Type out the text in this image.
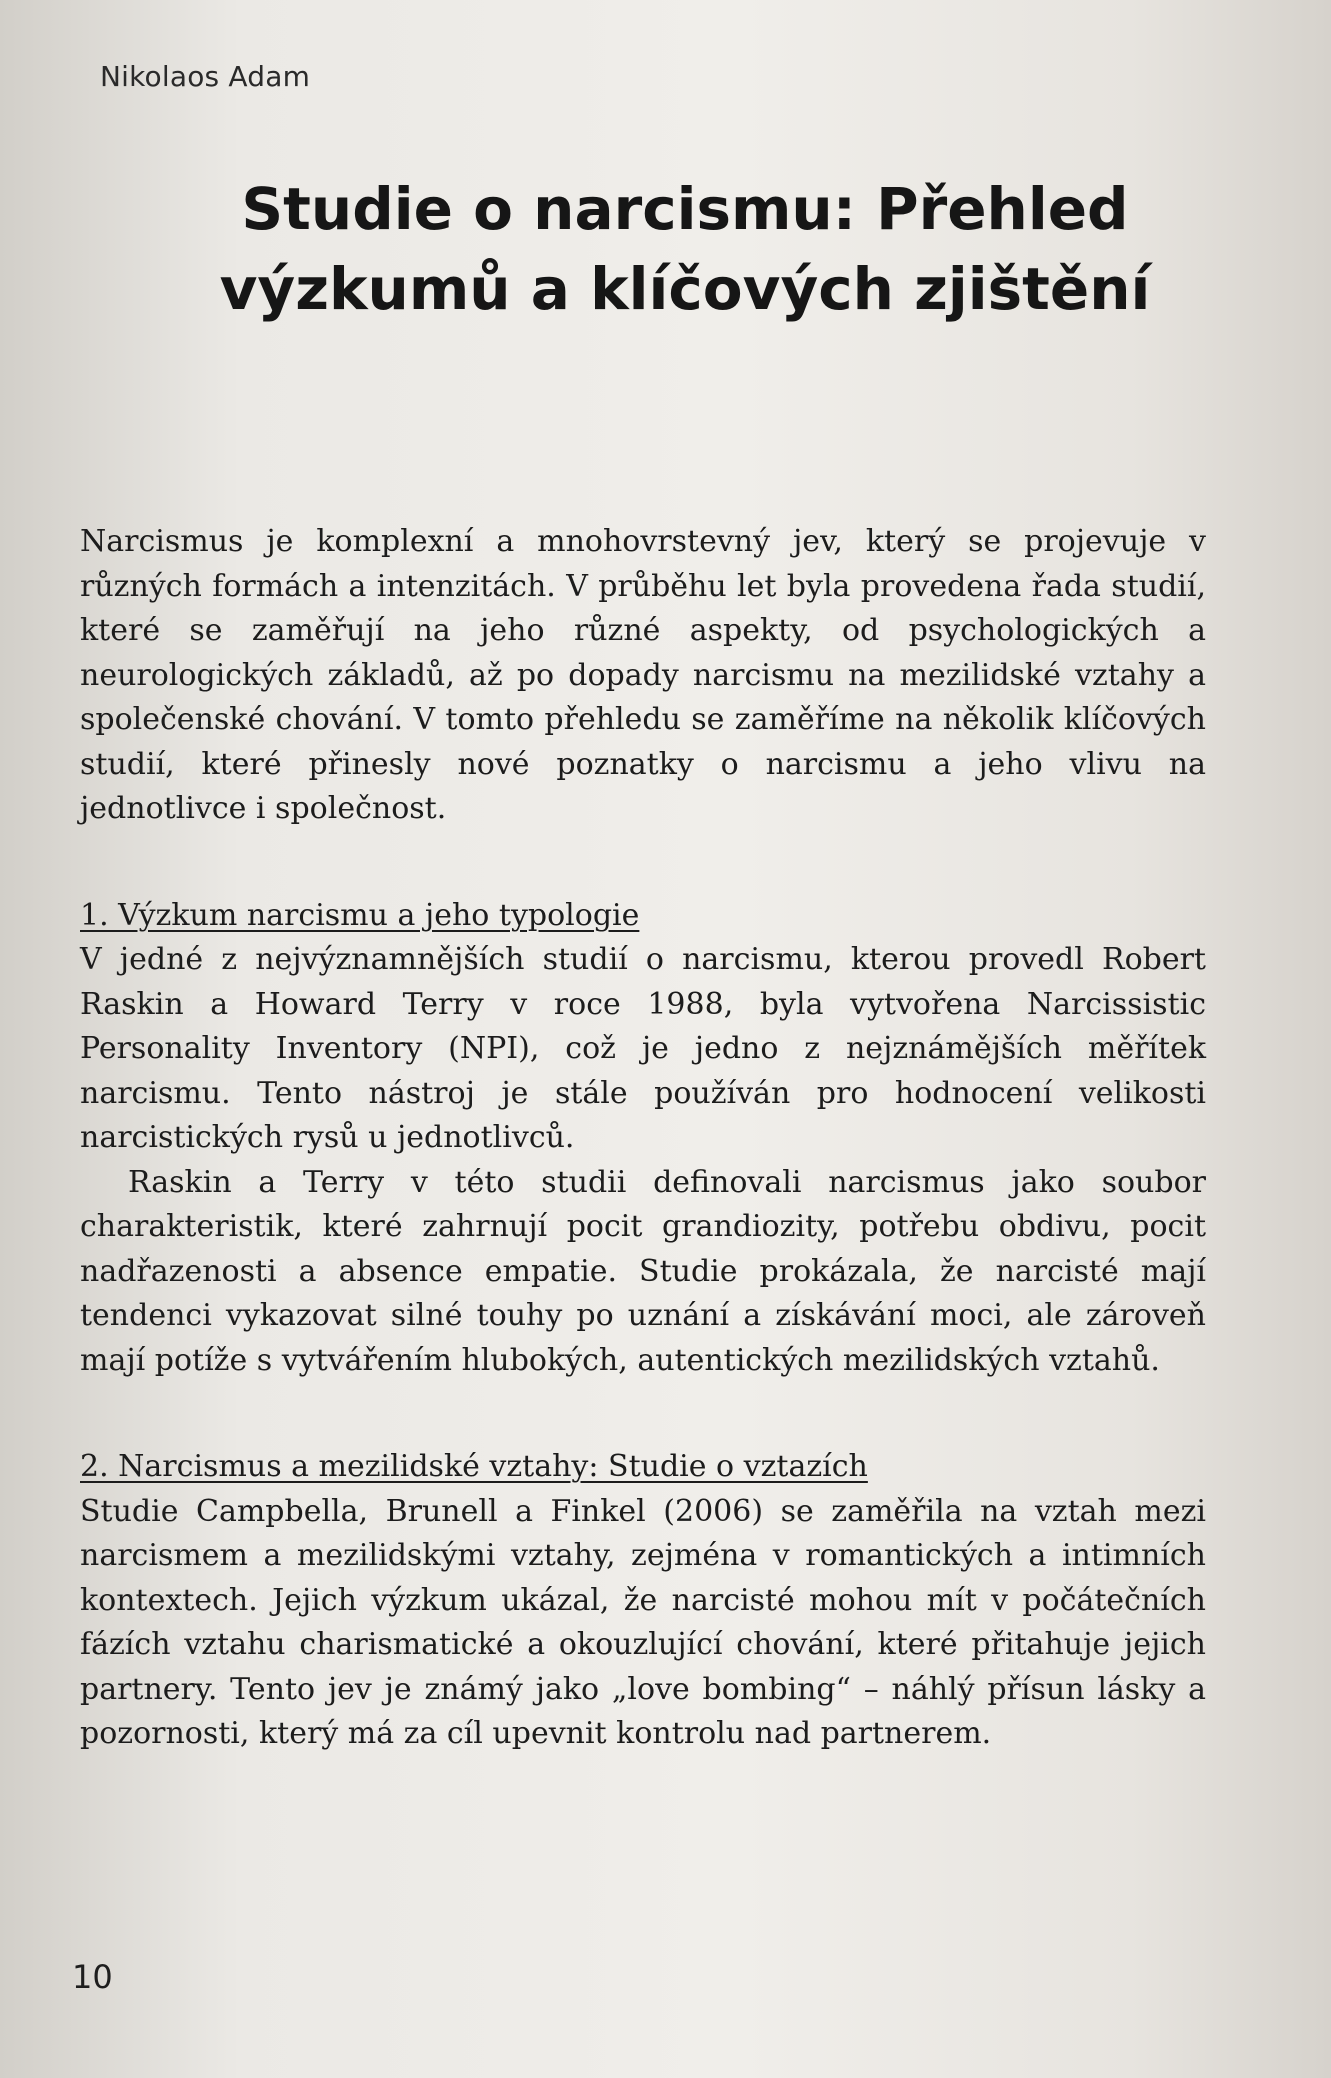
Nikolaos Adam
Studie o narcismu: Přehled
výzkumů a klíčových zjištění

Narcismus je komplexní a mnohovrstevný jev, který se projevuje v různých formách a intenzitách. V průběhu let byla provedena řada studií, které se zaměřují na jeho různé aspekty, od psychologických a neurologických základů, až po dopady narcismu na mezilidské vztahy a společenské chování. V tomto přehledu se zaměříme na několik klíčových studií, které přinesly nové poznatky o narcismu a jeho vlivu na jednotlivce i společnost.

1. Výzkum narcismu a jeho typologie

V jedné z nejvýznamnějších studií o narcismu, kterou provedl Robert Raskin a Howard Terry v roce 1988, byla vytvořena Narcissistic Personality Inventory (NPI), což je jedno z nejznámějších měřítek narcismu. Tento nástroj je stále používán pro hodnocení velikosti narcistických rysů u jednotlivců.

Raskin a Terry v této studii definovali narcismus jako soubor charakteristik, které zahrnují pocit grandiozity, potřebu obdivu, pocit nadřazenosti a absence empatie. Studie prokázala, že narcisté mají tendenci vykazovat silné touhy po uznání a získávání moci, ale zároveň mají potíže s vytvářením hlubokých, autentických mezilidských vztahů.

2. Narcismus a mezilidské vztahy: Studie o vztazích

Studie Campbella, Brunell a Finkel (2006) se zaměřila na vztah mezi narcismem a mezilidskými vztahy, zejména v romantických a intimních kontextech. Jejich výzkum ukázal, že narcisté mohou mít v počátečních fázích vztahu charismatické a okouzlující chování, které přitahuje jejich partnery. Tento jev je známý jako „love bombing“ – náhlý přísun lásky a pozornosti, který má za cíl upevnit kontrolu nad partnerem.

10
